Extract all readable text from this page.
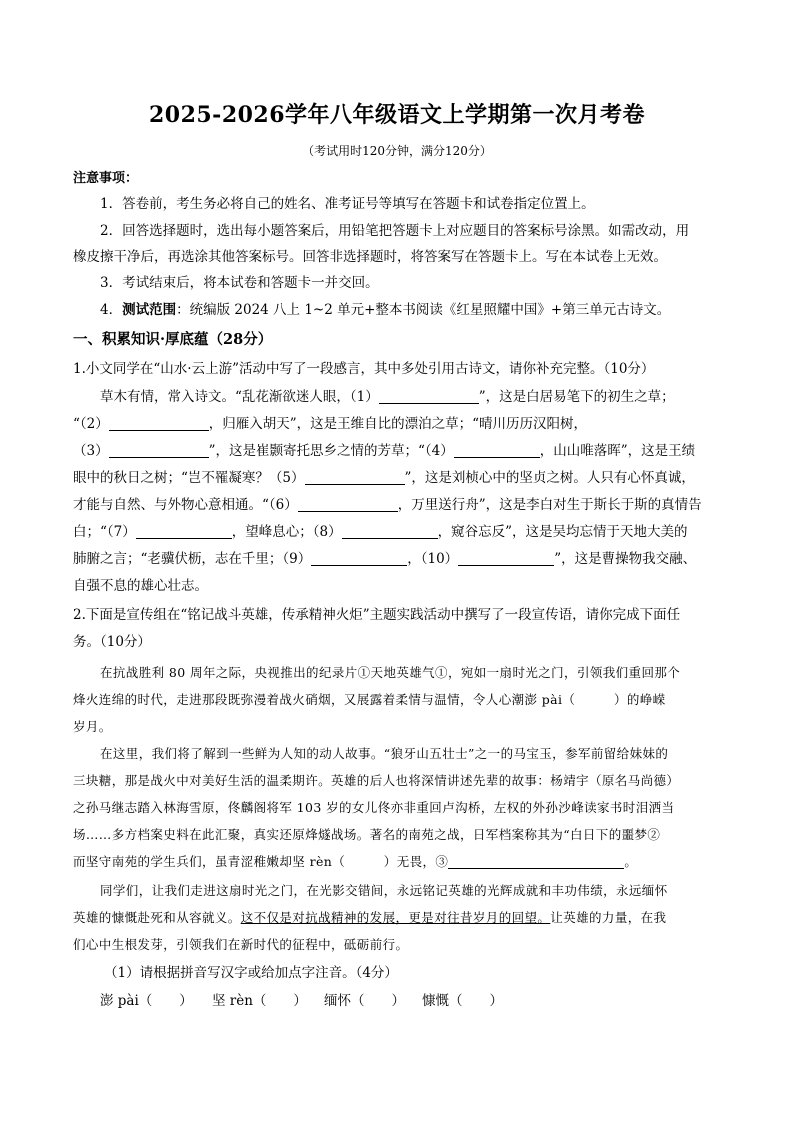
2025-2026学年八年级语文上学期第一次月考卷
（考试用时120分钟，满分120分）
注意事项：
1．答卷前，考生务必将自己的姓名、准考证号等填写在答题卡和试卷指定位置上。
2．回答选择题时，选出每小题答案后，用铅笔把答题卡上对应题目的答案标号涂黑。如需改动，用
橡皮擦干净后，再选涂其他答案标号。回答非选择题时，将答案写在答题卡上。写在本试卷上无效。
3．考试结束后，将本试卷和答题卡一并交回。
4．测试范围：统编版 2024 八上 1~2 单元+整本书阅读《红星照耀中国》+第三单元古诗文。
一、积累知识·厚底蕴（28分）
1.小文同学在“山水·云上游”活动中写了一段感言，其中多处引用古诗文，请你补充完整。（10分）
草木有情，常入诗文。“乱花渐欲迷人眼，（1）	”，这是白居易笔下的初生之草；
“（2）	，归雁入胡天”，这是王维自比的漂泊之草；“晴川历历汉阳树，
（3）	”，这是崔颢寄托思乡之情的芳草；“（4）	，山山唯落晖”，这是王绩
眼中的秋日之树；“岂不罹凝寒？（5）	”，这是刘桢心中的坚贞之树。人只有心怀真诚，
才能与自然、与外物心意相通。“（6）	，万里送行舟”，这是李白对生于斯长于斯的真情告
白；“（7）	，望峰息心；（8）	，窥谷忘反”，这是吴均忘情于天地大美的
肺腑之言；“老骥伏枥，志在千里；（9）	，（10）	”，这是曹操物我交融、
自强不息的雄心壮志。
2.下面是宣传组在“铭记战斗英雄，传承精神火炬”主题实践活动中撰写了一段宣传语，请你完成下面任
务。（10分）
在抗战胜利 80 周年之际，央视推出的纪录片①天地英雄气①，宛如一扇时光之门，引领我们重回那个
烽火连绵的时代，走进那段既弥漫着战火硝烟，又展露着柔情与温情，令人心潮澎 pài（　　　）的峥嵘
岁月。
在这里，我们将了解到一些鲜为人知的动人故事。“狼牙山五壮士”之一的马宝玉，参军前留给妹妹的
三块糖，那是战火中对美好生活的温柔期许。英雄的后人也将深情讲述先辈的故事：杨靖宇（原名马尚德）
之孙马继志踏入林海雪原，佟麟阁将军 103 岁的女儿佟亦非重回卢沟桥，左权的外孙沙峰读家书时泪洒当
场……多方档案史料在此汇聚，真实还原烽燧战场。著名的南苑之战，日军档案称其为“白日下的噩梦②
而坚守南苑的学生兵们，虽青涩稚嫩却坚 rèn（　　　）无畏，③	。
同学们，让我们走进这扇时光之门，在光影交错间，永远铭记英雄的光辉成就和丰功伟绩，永远缅怀
英雄的慷慨赴死和从容就义。这不仅是对抗战精神的发展，更是对往昔岁月的回望。让英雄的力量，在我
们心中生根发芽，引领我们在新时代的征程中，砥砺前行。
（1）请根据拼音写汉字或给加点字注音。（4分）
澎 pài（　　） 坚 rèn（　　） 缅怀（　　） 慷慨（　　）
